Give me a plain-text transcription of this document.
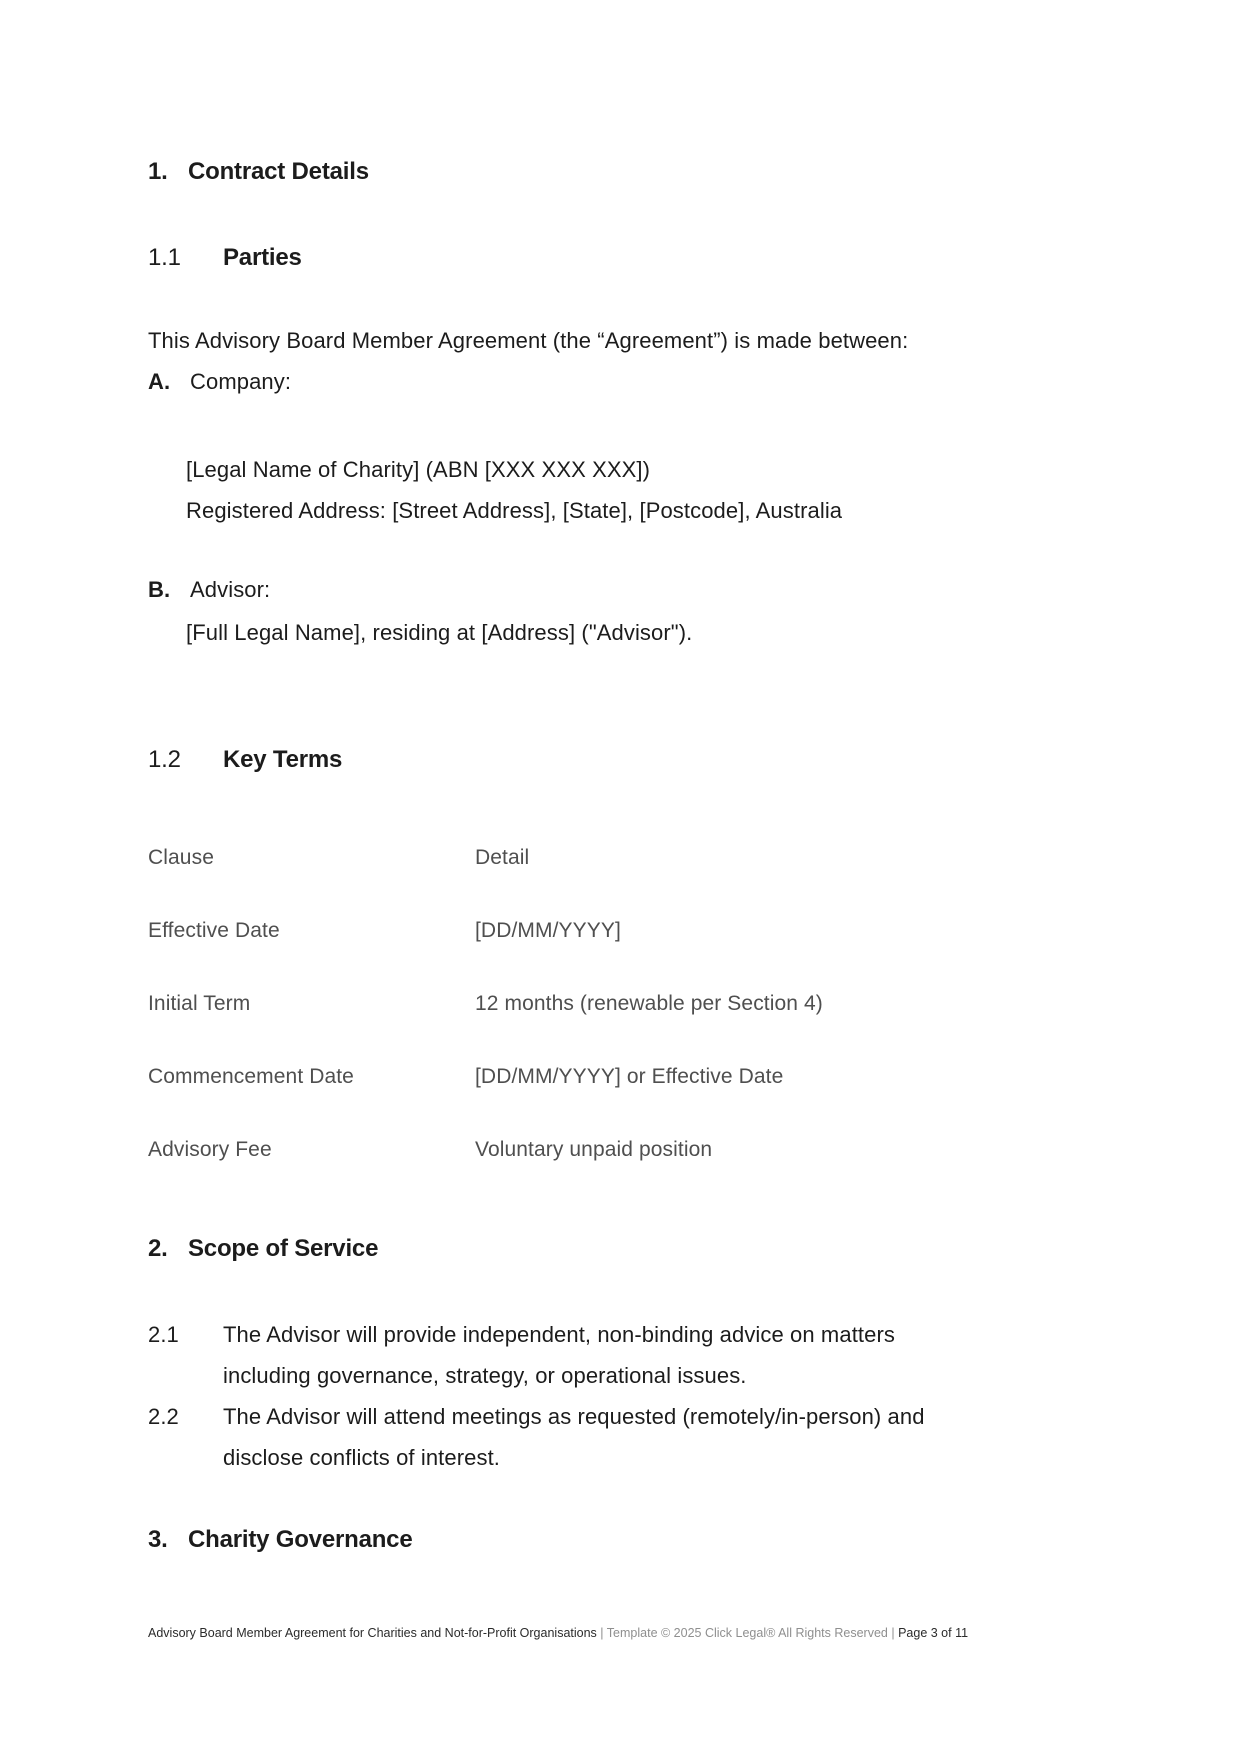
1. Contract Details
1.1	Parties
This Advisory Board Member Agreement (the “Agreement”) is made between:
A. Company:
[Legal Name of Charity] (ABN [XXX XXX XXX])
Registered Address: [Street Address], [State], [Postcode], Australia
B. Advisor:
[Full Legal Name], residing at [Address] ("Advisor").
1.2	Key Terms
Clause	Detail
Effective Date	[DD/MM/YYYY]
Initial Term	12 months (renewable per Section 4)
Commencement Date	[DD/MM/YYYY] or Effective Date
Advisory Fee	Voluntary unpaid position
2. Scope of Service
2.1	The Advisor will provide independent, non-binding advice on matters
including governance, strategy, or operational issues.
2.2	The Advisor will attend meetings as requested (remotely/in-person) and
disclose conflicts of interest.
3. Charity Governance
Advisory Board Member Agreement for Charities and Not-for-Profit Organisations | Template © 2025 Click Legal® All Rights Reserved | Page 3 of 11
